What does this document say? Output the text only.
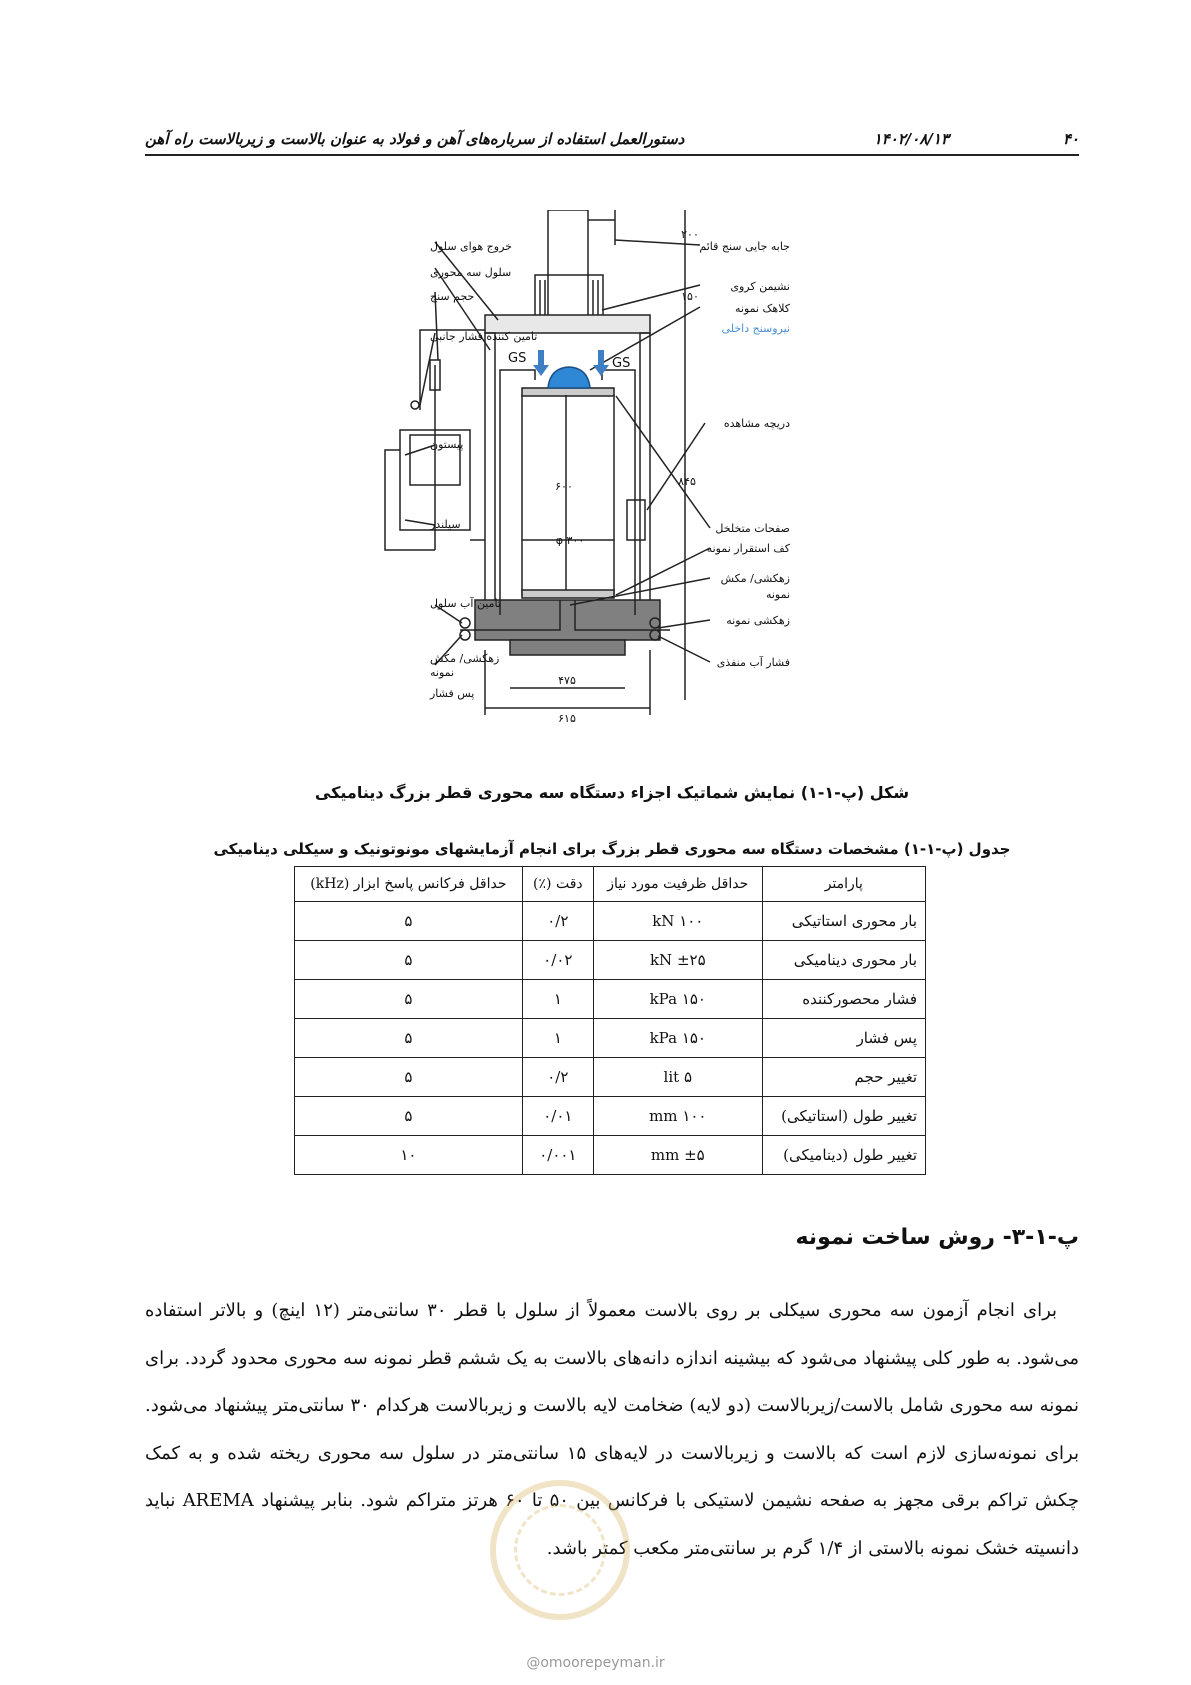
۴۰
۱۴۰۲/۰۸/۱۳
دستورالعمل استفاده از سرباره‌های آهن و فولاد به عنوان بالاست و زیربالاست راه آهن
GS	GS
۲۰۰
۱۵۰
۸۴۵
۶۰۰
φ ۳۰۰
۴۷۵
۶۱۵
خروج هوای سلول
سلول سه محوری
حجم سنج
تامین کننده فشار جانبی
پیستون
سیلندر
تامین آب سلول
زهکشی/ مکش
نمونه
پس فشار
جابه جایی سنج قائم
نشیمن کروی
کلاهک نمونه
نیروسنج داخلی
دریچه مشاهده
صفحات متخلخل
کف استقرار نمونه
زهکشی/ مکش
نمونه
زهکشی نمونه
فشار آب منفذی
شکل (پ-۱-۱) نمایش شماتیک اجزاء دستگاه سه محوری قطر بزرگ دینامیکی
جدول (پ-۱-۱) مشخصات دستگاه سه محوری قطر بزرگ برای انجام آزمایشهای مونوتونیک و سیکلی دینامیکی
پارامتر	حداقل ظرفیت مورد نیاز	دقت (٪)	حداقل فرکانس پاسخ ابزار (kHz)
بار محوری استاتیکی	۱۰۰ kN	۰/۲	۵
بار محوری دینامیکی	±۲۵ kN	۰/۰۲	۵
فشار محصورکننده	۱۵۰ kPa	۱	۵
پس فشار	۱۵۰ kPa	۱	۵
تغییر حجم	۵ lit	۰/۲	۵
تغییر طول (استاتیکی)	۱۰۰ mm	۰/۰۱	۵
تغییر طول (دینامیکی)	±۵ mm	۰/۰۰۱	۱۰
پ-۱-۳- روش ساخت نمونه

برای انجام آزمون سه محوری سیکلی بر روی بالاست معمولاً از سلول با قطر ۳۰ سانتی‌متر (۱۲ اینچ) و بالاتر استفاده می‌شود. به طور کلی پیشنهاد می‌شود که بیشینه اندازه دانه‌های بالاست به یک ششم قطر نمونه سه محوری محدود گردد. برای نمونه سه محوری شامل بالاست/زیربالاست (دو لایه) ضخامت لایه بالاست و زیربالاست هرکدام ۳۰ سانتی‌متر پیشنهاد می‌شود. برای نمونه‌سازی لازم است که بالاست و زیربالاست در لایه‌های ۱۵ سانتی‌متر در سلول سه محوری ریخته شده و به کمک چکش تراکم برقی مجهز به صفحه نشیمن لاستیکی با فرکانس بین ۵۰ تا ۶۰ هرتز متراکم شود. بنابر پیشنهاد AREMA نباید دانسیته خشک نمونه بالاستی از ۱/۴ گرم بر سانتی‌متر مکعب کمتر باشد.

@omoorepeyman.ir
